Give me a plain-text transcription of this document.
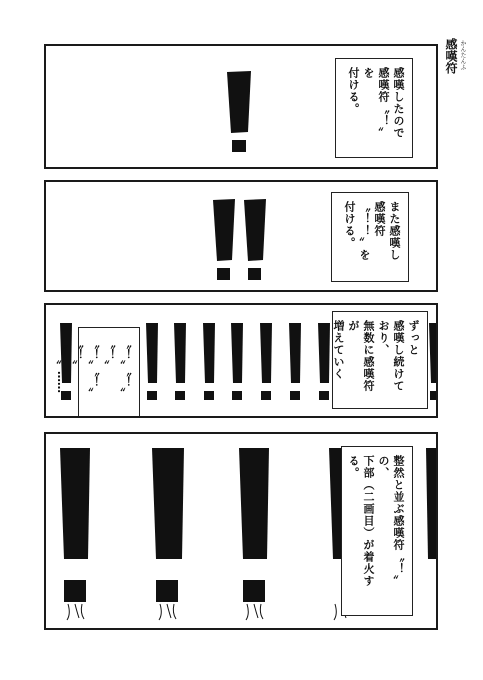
感嘆符 かんたんふ
感嘆したので
感嘆符〝！〟を
付ける。
また感嘆し
感嘆符〝！！〟を
付ける。
〝！〟〝！〟〝！〟
〝！〟〝！〟〝！〟
〝！〟……。	ずっと
感嘆し続けており、
無数に感嘆符が
増えていく
整然と並ぶ感嘆符〝！〟の、
下部（二画目）が着火する。
